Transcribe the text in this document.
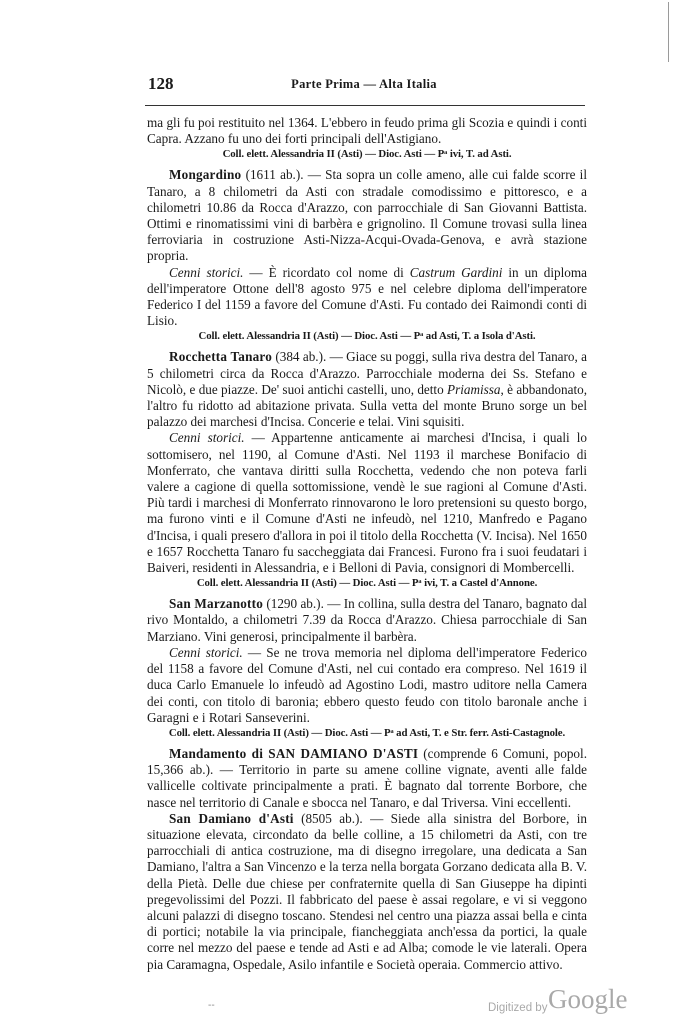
128	Parte Prima — Alta Italia

ma gli fu poi restituito nel 1364. L'ebbero in feudo prima gli Scozia e quindi i conti Capra. Azzano fu uno dei forti principali dell'Astigiano.

Coll. elett. Alessandria II (Asti) — Dioc. Asti — Pᵃ ivi, T. ad Asti.

Mongardino (1611 ab.). — Sta sopra un colle ameno, alle cui falde scorre il Tanaro, a 8 chilometri da Asti con stradale comodissimo e pittoresco, e a chilometri 10.86 da Rocca d'Arazzo, con parrocchiale di San Giovanni Battista. Ottimi e rinomatissimi vini di barbèra e grignolino. Il Comune trovasi sulla linea ferroviaria in costruzione Asti-Nizza-Acqui-Ovada-Genova, e avrà stazione propria.

Cenni storici. — È ricordato col nome di Castrum Gardini in un diploma dell'imperatore Ottone dell'8 agosto 975 e nel celebre diploma dell'imperatore Federico I del 1159 a favore del Comune d'Asti. Fu contado dei Raimondi conti di Lisio.

Coll. elett. Alessandria II (Asti) — Dioc. Asti — Pᵃ ad Asti, T. a Isola d'Asti.

Rocchetta Tanaro (384 ab.). — Giace su poggi, sulla riva destra del Tanaro, a 5 chilometri circa da Rocca d'Arazzo. Parrocchiale moderna dei Ss. Stefano e Nicolò, e due piazze. De' suoi antichi castelli, uno, detto Priamissa, è abbandonato, l'altro fu ridotto ad abitazione privata. Sulla vetta del monte Bruno sorge un bel palazzo dei marchesi d'Incisa. Concerie e telai. Vini squisiti.

Cenni storici. — Appartenne anticamente ai marchesi d'Incisa, i quali lo sottomisero, nel 1190, al Comune d'Asti. Nel 1193 il marchese Bonifacio di Monferrato, che vantava diritti sulla Rocchetta, vedendo che non poteva farli valere a cagione di quella sottomissione, vendè le sue ragioni al Comune d'Asti. Più tardi i marchesi di Monferrato rinnovarono le loro pretensioni su questo borgo, ma furono vinti e il Comune d'Asti ne infeudò, nel 1210, Manfredo e Pagano d'Incisa, i quali presero d'allora in poi il titolo della Rocchetta (V. Incisa). Nel 1650 e 1657 Rocchetta Tanaro fu saccheggiata dai Francesi. Furono fra i suoi feudatari i Baiveri, residenti in Alessandria, e i Belloni di Pavia, consignori di Mombercelli.

Coll. elett. Alessandria II (Asti) — Dioc. Asti — Pᵃ ivi, T. a Castel d'Annone.

San Marzanotto (1290 ab.). — In collina, sulla destra del Tanaro, bagnato dal rivo Montaldo, a chilometri 7.39 da Rocca d'Arazzo. Chiesa parrocchiale di San Marziano. Vini generosi, principalmente il barbèra.

Cenni storici. — Se ne trova memoria nel diploma dell'imperatore Federico del 1158 a favore del Comune d'Asti, nel cui contado era compreso. Nel 1619 il duca Carlo Emanuele lo infeudò ad Agostino Lodi, mastro uditore nella Camera dei conti, con titolo di baronia; ebbero questo feudo con titolo baronale anche i Garagni e i Rotari Sanseverini.

Coll. elett. Alessandria II (Asti) — Dioc. Asti — Pᵃ ad Asti, T. e Str. ferr. Asti-Castagnole.

Mandamento di SAN DAMIANO D'ASTI (comprende 6 Comuni, popol. 15,366 ab.). — Territorio in parte su amene colline vignate, aventi alle falde vallicelle coltivate principalmente a prati. È bagnato dal torrente Borbore, che nasce nel territorio di Canale e sbocca nel Tanaro, e dal Triversa. Vini eccellenti.

San Damiano d'Asti (8505 ab.). — Siede alla sinistra del Borbore, in situazione elevata, circondato da belle colline, a 15 chilometri da Asti, con tre parrocchiali di antica costruzione, ma di disegno irregolare, una dedicata a San Damiano, l'altra a San Vincenzo e la terza nella borgata Gorzano dedicata alla B. V. della Pietà. Delle due chiese per confraternite quella di San Giuseppe ha dipinti pregevolissimi del Pozzi. Il fabbricato del paese è assai regolare, e vi si veggono alcuni palazzi di disegno toscano. Stendesi nel centro una piazza assai bella e cinta di portici; notabile la via principale, fiancheggiata anch'essa da portici, la quale corre nel mezzo del paese e tende ad Asti e ad Alba; comode le vie laterali. Opera pia Caramagna, Ospedale, Asilo infantile e Società operaia. Commercio attivo.

--	Digitized by Google
